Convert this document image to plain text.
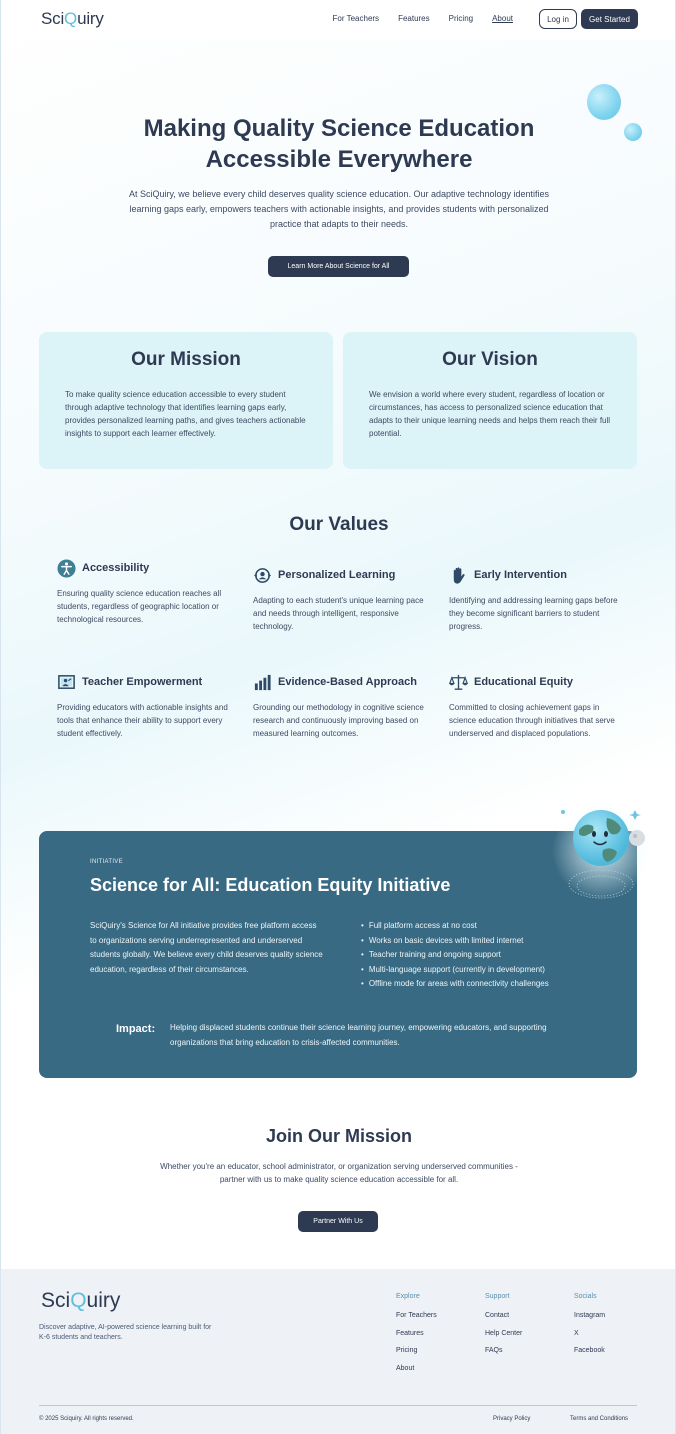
SciQuiry	For Teachers Features Pricing About	Log in	Get Started
Making Quality Science Education
Accessible Everywhere
At SciQuiry, we believe every child deserves quality science education. Our adaptive technology identifies learning gaps early, empowers teachers with actionable insights, and provides students with personalized practice that adapts to their needs.
Learn More About Science for All
Our Mission

To make quality science education accessible to every student through adaptive technology that identifies learning gaps early, provides personalized learning paths, and gives teachers actionable insights to support each learner effectively.

Our Vision

We envision a world where every student, regardless of location or circumstances, has access to personalized science education that adapts to their unique learning needs and helps them reach their full potential.

Our Values
Accessibility

Ensuring quality science education reaches all students, regardless of geographic location or technological resources.

Personalized Learning

Adapting to each student's unique learning pace and needs through intelligent, responsive technology.

Early Intervention

Identifying and addressing learning gaps before they become significant barriers to student progress.

Teacher Empowerment

Providing educators with actionable insights and tools that enhance their ability to support every student effectively.

Evidence-Based Approach

Grounding our methodology in cognitive science research and continuously improving based on measured learning outcomes.

Educational Equity

Committed to closing achievement gaps in science education through initiatives that serve underserved and displaced populations.

INITIATIVE
Science for All: Education Equity Initiative
SciQuiry's Science for All initiative provides free platform access to organizations serving underrepresented and underserved students globally. We believe every child deserves quality science education, regardless of their circumstances.
• Full platform access at no cost
• Works on basic devices with limited internet
• Teacher training and ongoing support
• Multi-language support (currently in development)
• Offline mode for areas with connectivity challenges
Impact: Helping displaced students continue their science learning journey, empowering educators, and supporting organizations that bring education to crisis-affected communities.
Join Our Mission
Whether you're an educator, school administrator, or organization serving underserved communities - partner with us to make quality science education accessible for all.
Partner With Us
SciQuiry
Discover adaptive, AI-powered science learning built for K-6 students and teachers.
Explore
For Teachers
Features
Pricing
About
Support
Contact
Help Center
FAQs
Socials
Instagram
X
Facebook
© 2025 Sciquiry. All rights reserved.	Privacy Policy	Terms and Conditions
